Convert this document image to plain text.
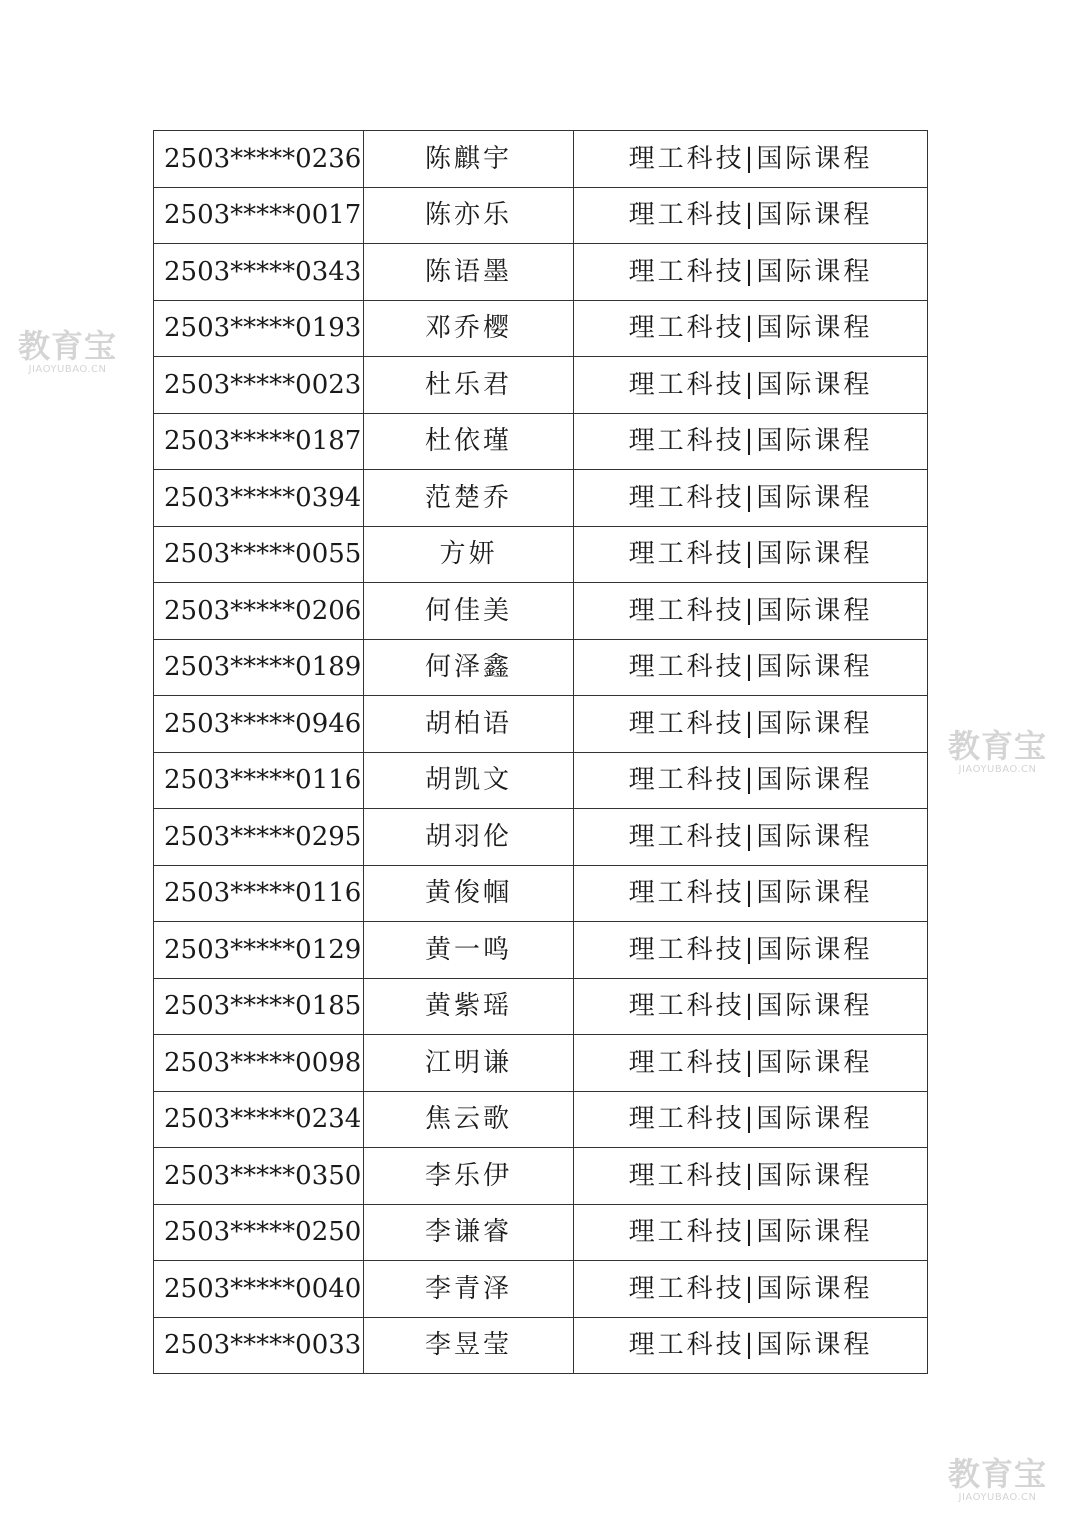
2503*****0236	陈麒宇	理工科技|国际课程
2503*****0017	陈亦乐	理工科技|国际课程
2503*****0343	陈语墨	理工科技|国际课程
2503*****0193	邓乔樱	理工科技|国际课程
2503*****0023	杜乐君	理工科技|国际课程
2503*****0187	杜依瑾	理工科技|国际课程
2503*****0394	范楚乔	理工科技|国际课程
2503*****0055	方妍	理工科技|国际课程
2503*****0206	何佳美	理工科技|国际课程
2503*****0189	何泽鑫	理工科技|国际课程
2503*****0946	胡柏语	理工科技|国际课程
2503*****0116	胡凯文	理工科技|国际课程
2503*****0295	胡羽伦	理工科技|国际课程
2503*****0116	黄俊帼	理工科技|国际课程
2503*****0129	黄一鸣	理工科技|国际课程
2503*****0185	黄紫瑶	理工科技|国际课程
2503*****0098	江明谦	理工科技|国际课程
2503*****0234	焦云歌	理工科技|国际课程
2503*****0350	李乐伊	理工科技|国际课程
2503*****0250	李谦睿	理工科技|国际课程
2503*****0040	李青泽	理工科技|国际课程
2503*****0033	李昱莹	理工科技|国际课程
教育宝
JIAOYUBAO.CN
教育宝
JIAOYUBAO.CN
教育宝
JIAOYUBAO.CN
